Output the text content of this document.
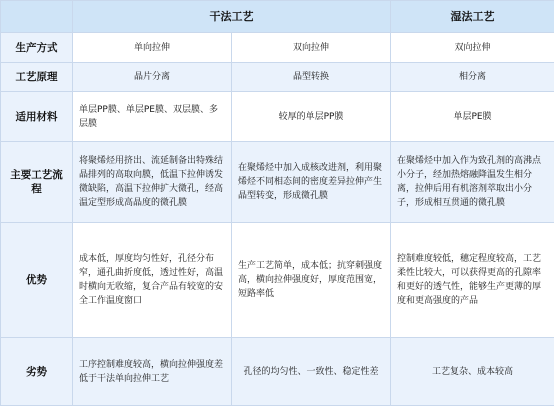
	干法工艺		湿法工艺
生产方式	单向拉伸	双向拉伸	双向拉伸
工艺原理	晶片分离	晶型转换	相分离
适用材料	单层PP膜、单层PE膜、双层膜、多层膜	较厚的单层PP膜	单层PE膜
主要工艺流程	将聚烯烃用挤出、流延制备出特殊结晶排列的高取向膜，低温下拉伸诱发微缺陷，高温下拉伸扩大微孔，经高温定型形成高晶度的微孔膜	在聚烯烃中加入成核改进剂，利用聚烯烃不同相态间的密度差异拉伸产生晶型转变，形成微孔膜	在聚烯烃中加入作为致孔剂的高沸点小分子，经加热熔融降温发生相分离，拉伸后用有机溶剂萃取出小分子，形成相互贯通的微孔膜
优势	成本低，厚度均匀性好，孔径分布窄，通孔曲折度低，透过性好，高温时横向无收缩，复合产品有较宽的安全工作温度窗口	生产工艺简单，成本低；抗穿刺强度高，横向拉伸强度好，厚度范围宽，短路率低	控制难度较低，穗定程度较高，工艺柔性比较大，可以获得更高的孔隙率和更好的透气性，能够生产更薄的厚度和更高强度的产品
劣势	工序控制难度较高，横向拉伸强度差低于干法单向拉伸工艺	孔径的均匀性、一致性、稳定性差	工艺复杂、成本较高
